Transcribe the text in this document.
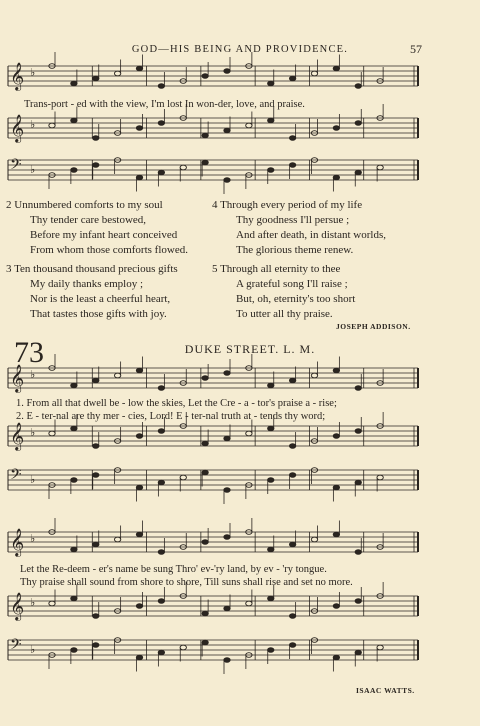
GOD—HIS BEING AND PROVIDENCE.	57
𝄞 ♭
𝄞 ♭
𝄢 ♭
𝄞 ♭
𝄞 ♭
𝄢 ♭
𝄞 ♭
𝄞 ♭
𝄢 ♭
Trans-port - ed with the view, I'm lost In won-der, love, and praise.
2 Unnumbered comforts to my soul
Thy tender care bestowed,
Before my infant heart conceived
From whom those comforts flowed.
4 Through every period of my life
Thy goodness I'll persue ;
And after death, in distant worlds,
The glorious theme renew.
3 Ten thousand thousand precious gifts
My daily thanks employ ;
Nor is the least a cheerful heart,
That tastes those gifts with joy.
5 Through all eternity to thee
A grateful song I'll raise ;
But, oh, eternity's too short
To utter all thy praise.
JOSEPH ADDISON.
73	DUKE STREET. L. M.
1. From all that dwell be - low the skies, Let the Cre - a - tor's praise a - rise;
2. E - ter-nal are thy mer - cies, Lord! E - ter-nal truth at - tends thy word;
Let the Re-deem - er's name be sung Thro' ev-'ry land, by ev - 'ry tongue.
Thy praise shall sound from shore to shore, Till suns shall rise and set no more.
ISAAC WATTS.
